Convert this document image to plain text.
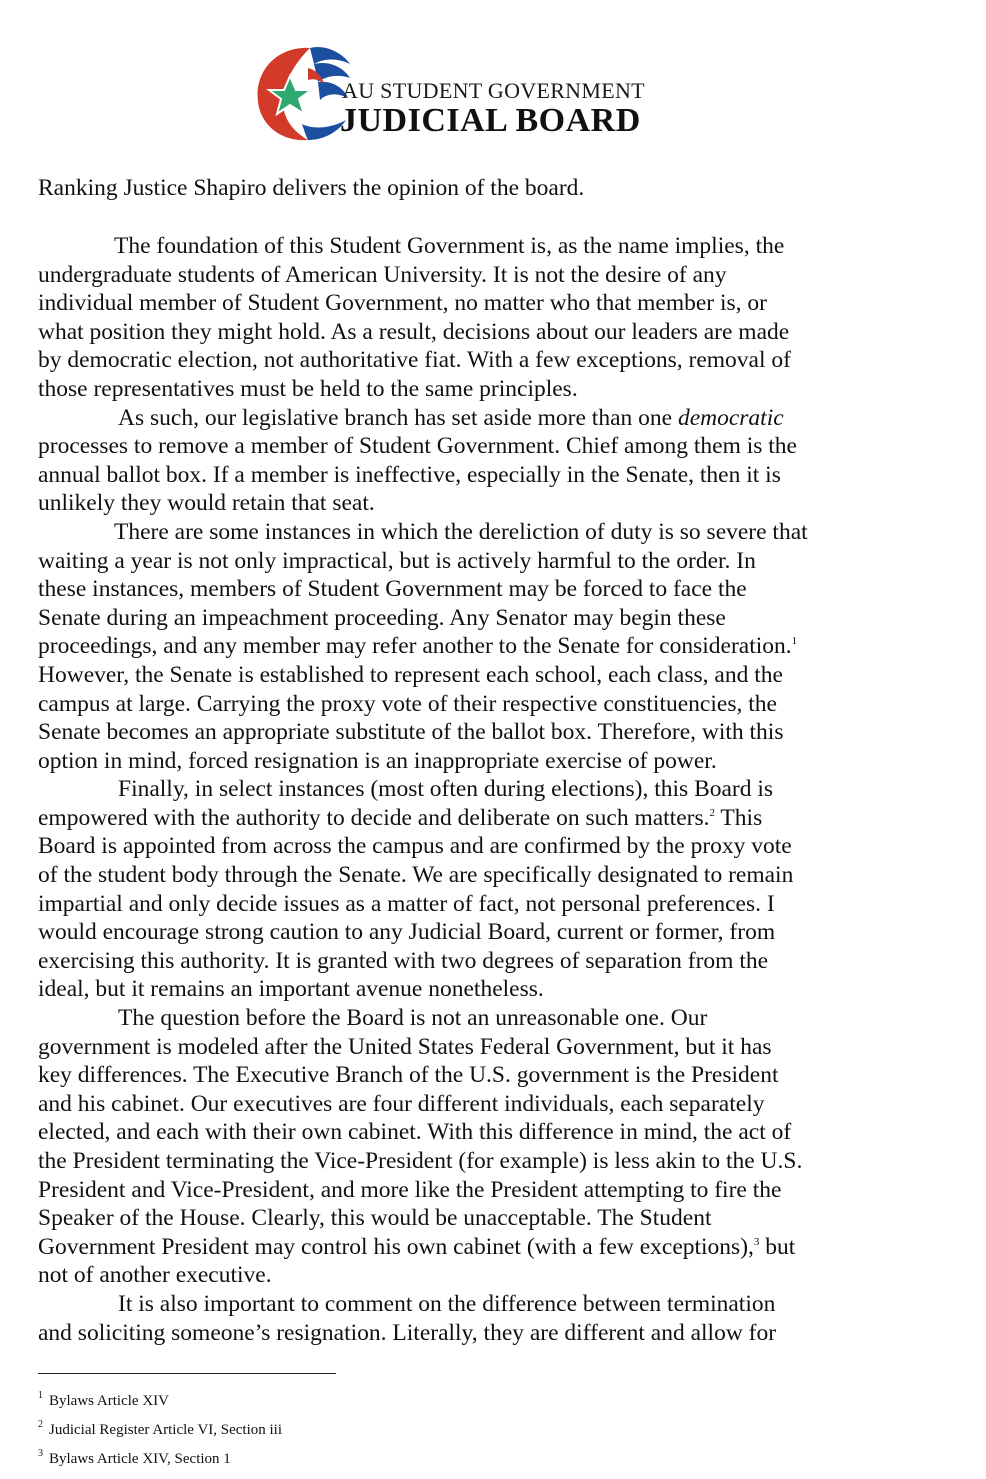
AU STUDENT GOVERNMENT
JUDICIAL BOARD
Ranking Justice Shapiro delivers the opinion of the board.
The foundation of this Student Government is, as the name implies, the
undergraduate students of American University. It is not the desire of any
individual member of Student Government, no matter who that member is, or
what position they might hold. As a result, decisions about our leaders are made
by democratic election, not authoritative fiat. With a few exceptions, removal of
those representatives must be held to the same principles.
As such, our legislative branch has set aside more than one democratic
processes to remove a member of Student Government. Chief among them is the
annual ballot box. If a member is ineffective, especially in the Senate, then it is
unlikely they would retain that seat.
There are some instances in which the dereliction of duty is so severe that
waiting a year is not only impractical, but is actively harmful to the order. In
these instances, members of Student Government may be forced to face the
Senate during an impeachment proceeding. Any Senator may begin these
proceedings, and any member may refer another to the Senate for consideration.$^1$
However, the Senate is established to represent each school, each class, and the
campus at large. Carrying the proxy vote of their respective constituencies, the
Senate becomes an appropriate substitute of the ballot box. Therefore, with this
option in mind, forced resignation is an inappropriate exercise of power.
Finally, in select instances (most often during elections), this Board is
empowered with the authority to decide and deliberate on such matters.$^2$ This
Board is appointed from across the campus and are confirmed by the proxy vote
of the student body through the Senate. We are specifically designated to remain
impartial and only decide issues as a matter of fact, not personal preferences. I
would encourage strong caution to any Judicial Board, current or former, from
exercising this authority. It is granted with two degrees of separation from the
ideal, but it remains an important avenue nonetheless.
The question before the Board is not an unreasonable one. Our
government is modeled after the United States Federal Government, but it has
key differences. The Executive Branch of the U.S. government is the President
and his cabinet. Our executives are four different individuals, each separately
elected, and each with their own cabinet. With this difference in mind, the act of
the President terminating the Vice-President (for example) is less akin to the U.S.
President and Vice-President, and more like the President attempting to fire the
Speaker of the House. Clearly, this would be unacceptable. The Student
Government President may control his own cabinet (with a few exceptions),$^3$ but
not of another executive.
It is also important to comment on the difference between termination
and soliciting someone’s resignation. Literally, they are different and allow for
$^1$ Bylaws Article XIV
$^2$ Judicial Register Article VI, Section iii
$^3$ Bylaws Article XIV, Section 1
